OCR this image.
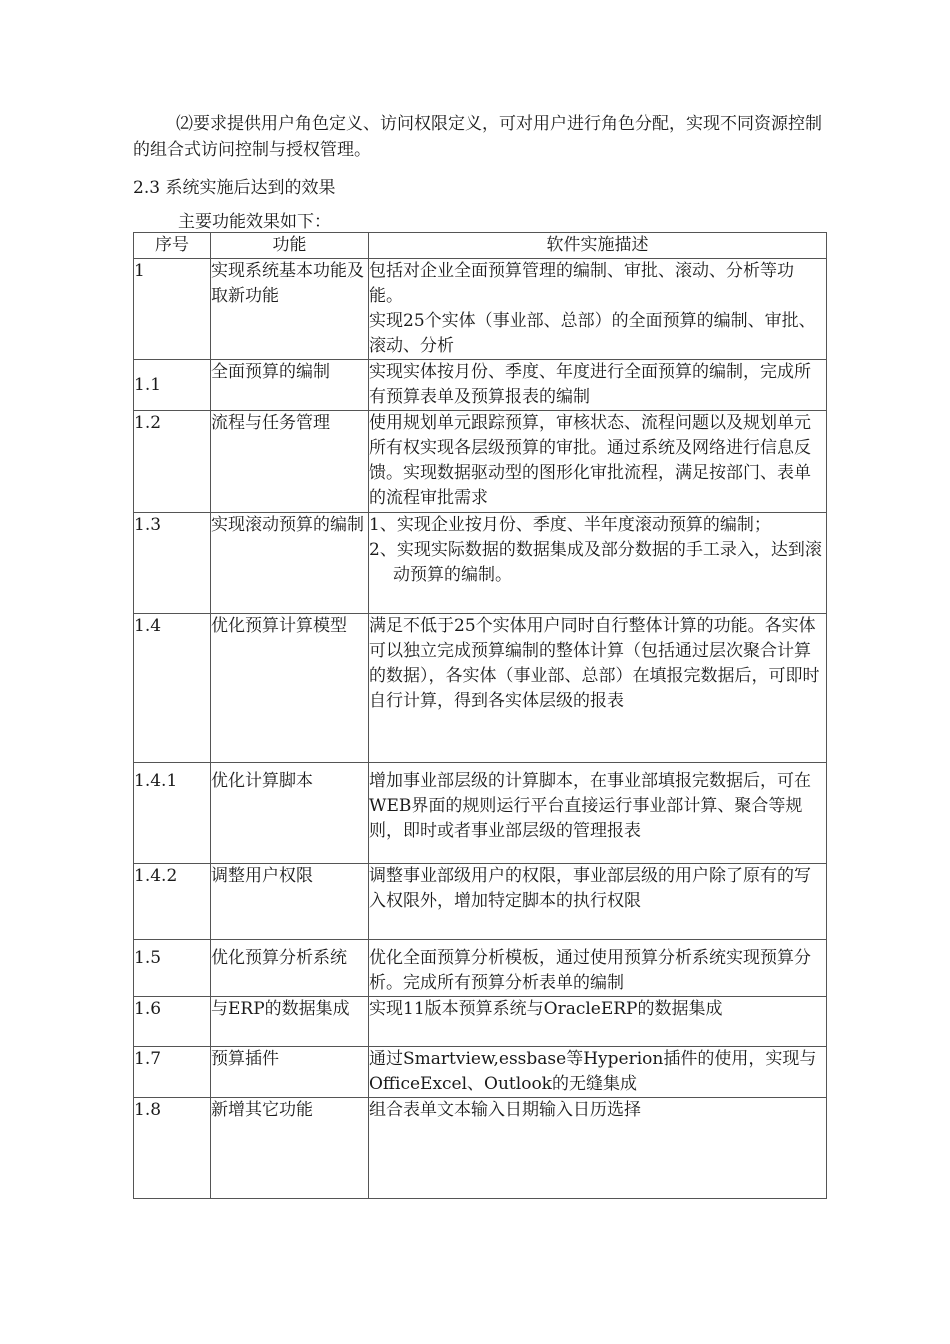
⑵要求提供用户角色定义、访问权限定义，可对用户进行角色分配，实现不同资源控制的组合式访问控制与授权管理。

2.3 系统实施后达到的效果

主要功能效果如下：

序号	功能	软件实施描述
1	实现系统基本功能及取新功能	包括对企业全面预算管理的编制、审批、滚动、分析等功能。
实现25个实体（事业部、总部）的全面预算的编制、审批、滚动、分析

1.1	全面预算的编制	实现实体按月份、季度、年度进行全面预算的编制，完成所有预算表单及预算报表的编制

1.2	流程与任务管理	使用规划单元跟踪预算，审核状态、流程问题以及规划单元所有权实现各层级预算的审批。通过系统及网络进行信息反馈。实现数据驱动型的图形化审批流程，满足按部门、表单的流程审批需求

1.3	实现滚动预算的编制	1、实现企业按月份、季度、半年度滚动预算的编制；
2、实现实际数据的数据集成及部分数据的手工录入，达到滚动预算的编制。

1.4	优化预算计算模型	满足不低于25个实体用户同时自行整体计算的功能。各实体可以独立完成预算编制的整体计算（包括通过层次聚合计算的数据），各实体（事业部、总部）在填报完数据后，可即时自行计算，得到各实体层级的报表

1.4.1	优化计算脚本	增加事业部层级的计算脚本，在事业部填报完数据后，可在WEB界面的规则运行平台直接运行事业部计算、聚合等规则，即时或者事业部层级的管理报表

1.4.2	调整用户权限	调整事业部级用户的权限，事业部层级的用户除了原有的写入权限外，增加特定脚本的执行权限

1.5	优化预算分析系统	优化全面预算分析模板，通过使用预算分析系统实现预算分析。完成所有预算分析表单的编制

1.6	与ERP的数据集成	实现11版本预算系统与OracleERP的数据集成

1.7	预算插件	通过Smartview,essbase等Hyperion插件的使用，实现与OfficeExcel、Outlook的无缝集成

1.8	新增其它功能	组合表单文本输入日期输入日历选择
